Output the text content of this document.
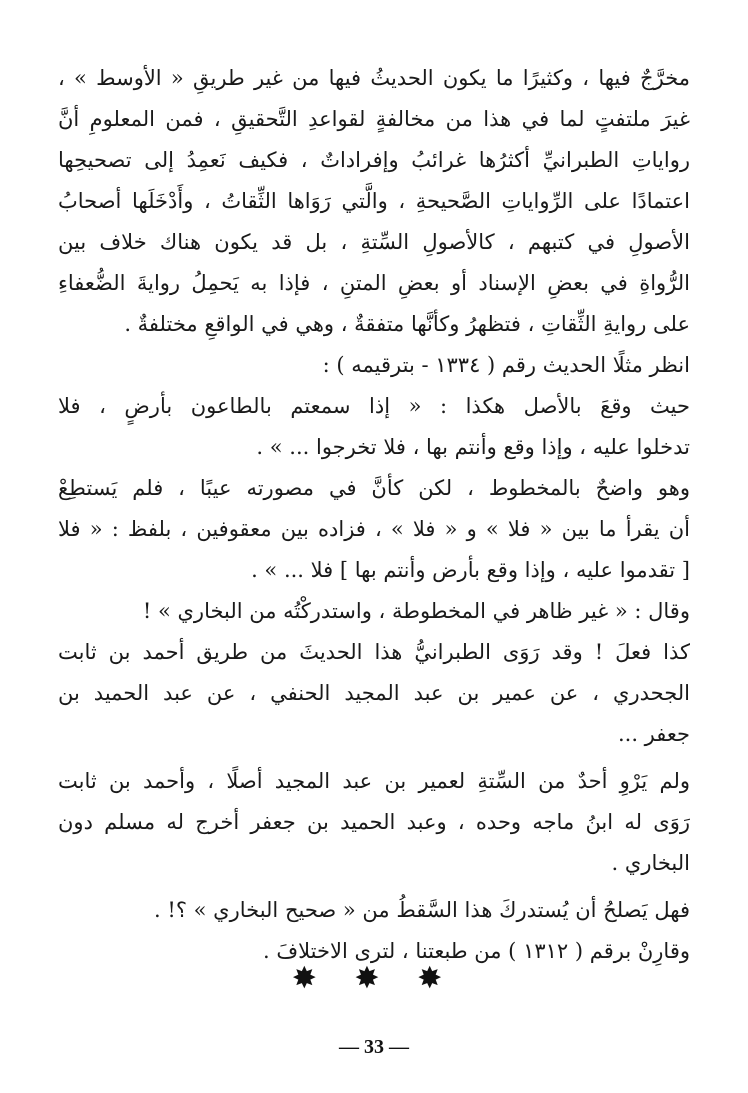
مخرَّجٌ فيها ، وكثيرًا ما يكون الحديثُ فيها من غير طريقِ « الأوسط » ،
غيرَ ملتفتٍ لما في هذا من مخالفةٍ لقواعدِ التَّحقيقِ ، فمن المعلومِ أنَّ
رواياتِ الطبرانيِّ أكثرُها غرائبُ وإفراداتٌ ، فكيف نَعمِدُ إلى تصحيحِها
اعتمادًا على الرِّواياتِ الصَّحيحةِ ، والَّتي رَوَاها الثِّقاتُ ، وأَدْخَلَها أصحابُ
الأصولِ في كتبهم ، كالأصولِ السِّتةِ ، بل قد يكون هناك خلاف بين
الرُّواةِ في بعضِ الإسناد أو بعضِ المتنِ ، فإذا به يَحمِلُ روايةَ الضُّعفاءِ
على روايةِ الثِّقاتِ ، فتظهرُ وكأنَّها متفقةٌ ، وهي في الواقعِ مختلفةٌ .
انظر مثلًا الحديث رقم ( ١٣٣٤ - بترقيمه ) :
حيث وقعَ بالأصل هكذا : « إذا سمعتم بالطاعون بأرضٍ ، فلا
تدخلوا عليه ، وإذا وقع وأنتم بها ، فلا تخرجوا ... » .
وهو واضحٌ بالمخطوط ، لكن كأنَّ في مصورته عيبًا ، فلم يَستطِعْ
أن يقرأ ما بين « فلا » و « فلا » ، فزاده بين معقوفين ، بلفظ : « فلا
[ تقدموا عليه ، وإذا وقع بأرض وأنتم بها ] فلا ... » .
وقال : « غير ظاهر في المخطوطة ، واستدركْتُه من البخاري » !
كذا فعلَ ! وقد رَوَى الطبرانيُّ هذا الحديثَ من طريق أحمد بن ثابت
الجحدري ، عن عمير بن عبد المجيد الحنفي ، عن عبد الحميد بن
جعفر ...
ولم يَرْوِ أحدٌ من السِّتةِ لعمير بن عبد المجيد أصلًا ، وأحمد بن ثابت
رَوَى له ابنُ ماجه وحده ، وعبد الحميد بن جعفر أخرج له مسلم دون
البخاري .
فهل يَصلحُ أن يُستدركَ هذا السَّقطُ من « صحيح البخاري » ؟! .
وقارِنْ برقم ( ١٣١٢ ) من طبعتنا ، لترى الاختلافَ .
✸ ✸ ✸
— 33 —
